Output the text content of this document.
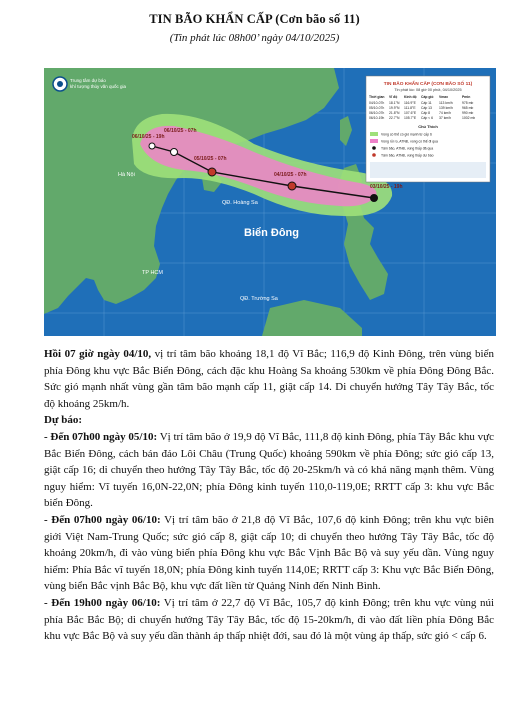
TIN BÃO KHẨN CẤP (Cơn bão số 11)
(Tin phát lúc 08h00’ ngày 04/10/2025)
06/10/25 - 19h
06/10/25 - 07h
05/10/25 - 07h
04/10/25 - 07h
03/10/25 - 19h
Hà Nội
QĐ. Hoàng Sa
Biển Đông
TP HCM
QĐ. Trường Sa
Trung tâm dự báo
khí tượng thủy văn quốc gia	TIN BÃO KHẨN CẤP (CƠN BÃO SỐ 11)
Tin phát lúc: 08 giờ 00 phút, 04/10/2025
Thời gian Vĩ độ Kinh độ Cấp gió Vmax	Pmin
04/10-07h 18.1°N 116.9°E Cấp 11 113 km/h	975 mb
05/10-07h 19.9°N 111.8°E Cấp 13 139 km/h	965 mb
06/10-07h 21.8°N 107.6°E Cấp 8	74 km/h	990 mb
06/10-19h 22.7°N 105.7°E Cấp < 6 37 km/h	1002 mb
Chú Thích
Vùng có thể có gió mạnh từ cấp 6
Vùng rủi ro, ATNĐ, vùng có thể đi qua
Tâm bão, ATNĐ, vùng thấp đã qua
Tâm bão, ATNĐ, vùng thấp dự báo

Hồi 07 giờ ngày 04/10, vị trí tâm bão khoảng 18,1 độ Vĩ Bắc; 116,9 độ Kinh Đông, trên vùng biển phía Đông khu vực Bắc Biển Đông, cách đặc khu Hoàng Sa khoảng 530km về phía Đông Đông Bắc. Sức gió mạnh nhất vùng gần tâm bão mạnh cấp 11, giật cấp 14. Di chuyển hướng Tây Tây Bắc, tốc độ khoảng 25km/h.

Dự báo:

- Đến 07h00 ngày 05/10: Vị trí tâm bão ở 19,9 độ Vĩ Bắc, 111,8 độ kinh Đông, phía Tây Bắc khu vực Bắc Biển Đông, cách bán đảo Lôi Châu (Trung Quốc) khoảng 590km về phía Đông; sức gió cấp 13, giật cấp 16; di chuyển theo hướng Tây Tây Bắc, tốc độ 20-25km/h và có khả năng mạnh thêm. Vùng nguy hiểm: Vĩ tuyến 16,0N-22,0N; phía Đông kinh tuyến 110,0-119,0E; RRTT cấp 3: khu vực Bắc biển Đông.

- Đến 07h00 ngày 06/10: Vị trí tâm bão ở 21,8 độ Vĩ Bắc, 107,6 độ kinh Đông; trên khu vực biên giới Việt Nam-Trung Quốc; sức gió cấp 8, giật cấp 10; di chuyển theo hướng Tây Tây Bắc, tốc độ khoảng 20km/h, đi vào vùng biển phía Đông khu vực Bắc Vịnh Bắc Bộ và suy yếu dần. Vùng nguy hiểm: Phía Bắc vĩ tuyến 18,0N; phía Đông kinh tuyến 114,0E; RRTT cấp 3: Khu vực Bắc Biển Đông, vùng biển Bắc vịnh Bắc Bộ, khu vực đất liền từ Quảng Ninh đến Ninh Bình.

- Đến 19h00 ngày 06/10: Vị trí tâm ở 22,7 độ Vĩ Bắc, 105,7 độ kinh Đông; trên khu vực vùng núi phía Bắc Bắc Bộ; di chuyển hướng Tây Tây Bắc, tốc độ 15-20km/h, đi vào đất liền phía Đông Bắc khu vực Bắc Bộ và suy yếu dần thành áp thấp nhiệt đới, sau đó là một vùng áp thấp, sức gió < cấp 6.
